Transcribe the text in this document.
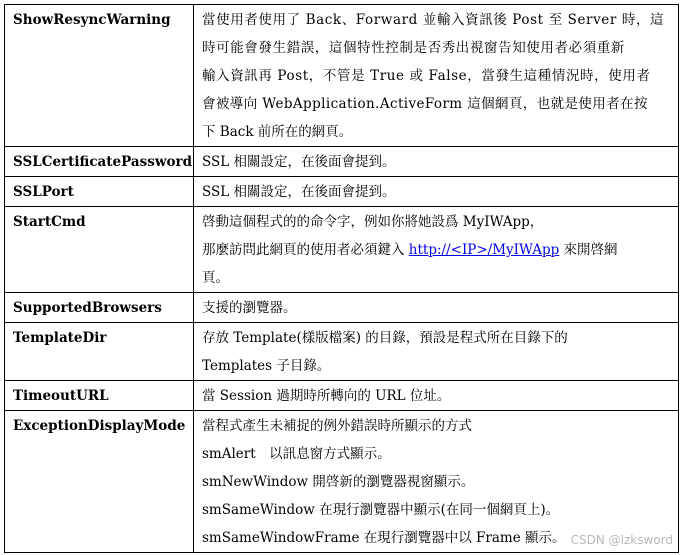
ShowResyncWarning	當使用者使用了 Back、Forward 並輸入資訊後 Post 至 Server 時，這
時可能會發生錯誤，這個特性控制是否秀出視窗告知使用者必須重新
輸入資訊再 Post，不管是 True 或 False，當發生這種情況時，使用者
會被導向 WebApplication.ActiveForm 這個網頁，也就是使用者在按
下 Back 前所在的網頁。

SSLCertificatePassword	SSL 相關設定，在後面會提到。

SSLPort	SSL 相關設定，在後面會提到。

StartCmd	啓動這個程式的的命令字，例如你將她設爲 MyIWApp，
那麼訪問此網頁的使用者必須鍵入 http://<IP>/MyIWApp 來開啓網
頁。

SupportedBrowsers	支援的瀏覽器。

TemplateDir	存放 Template(樣版檔案) 的目錄，預設是程式所在目錄下的
Templates 子目錄。

TimeoutURL	當 Session 過期時所轉向的 URL 位址。

ExceptionDisplayMode	當程式產生未補捉的例外錯誤時所顯示的方式
smAlert　以訊息窗方式顯示。
smNewWindow 開啓新的瀏覽器視窗顯示。
smSameWindow 在現行瀏覽器中顯示(在同一個網頁上)。
smSameWindowFrame 在現行瀏覽器中以 Frame 顯示。 CSDN @lzksword
